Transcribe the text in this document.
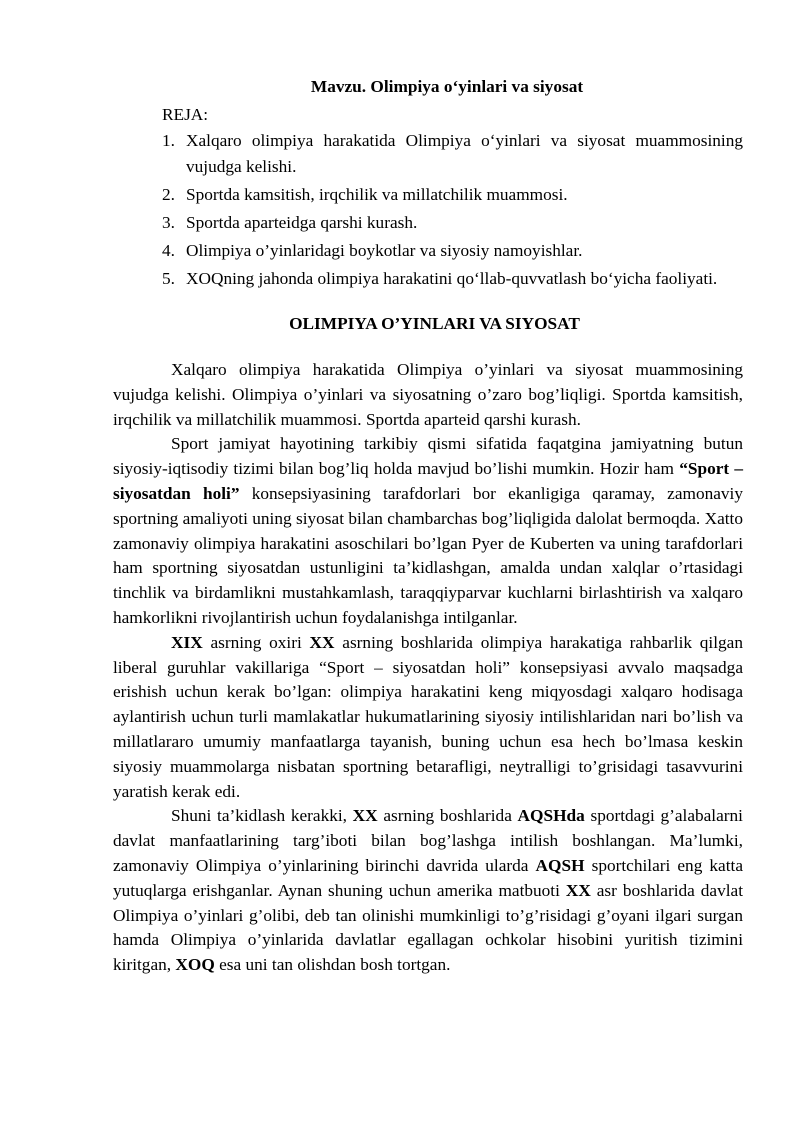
Mavzu. Olimpiya o‘yinlari va siyosat
REJA:
1. Xalqaro olimpiya harakatida Olimpiya o‘yinlari va siyosat muammosining vujudga kelishi.
2. Sportda kamsitish, irqchilik va millatchilik muammosi.
3. Sportda aparteidga qarshi kurash.
4. Olimpiya o’yinlaridagi boykotlar va siyosiy namoyishlar.
5. XOQning jahonda olimpiya harakatini qo‘llab-quvvatlash bo‘yicha faoliyati.
OLIMPIYA O’YINLARI VA SIYOSAT

Xalqaro olimpiya harakatida Olimpiya o’yinlari va siyosat muammosining vujudga kelishi. Olimpiya o’yinlari va siyosatning o’zaro bog’liqligi. Sportda kamsitish, irqchilik va millatchilik muammosi. Sportda aparteid qarshi kurash.

Sport jamiyat hayotining tarkibiy qismi sifatida faqatgina jamiyatning butun siyosiy-iqtisodiy tizimi bilan bog’liq holda mavjud bo’lishi mumkin. Hozir ham “Sport – siyosatdan holi” konsepsiyasining tarafdorlari bor ekanligiga qaramay, zamonaviy sportning amaliyoti uning siyosat bilan chambarchas bog’liqligida dalolat bermoqda. Xatto zamonaviy olimpiya harakatini asoschilari bo’lgan Pyer de Kuberten va uning tarafdorlari ham sportning siyosatdan ustunligini ta’kidlashgan, amalda undan xalqlar o’rtasidagi tinchlik va birdamlikni mustahkamlash, taraqqiyparvar kuchlarni birlashtirish va xalqaro hamkorlikni rivojlantirish uchun foydalanishga intilganlar.

XIX asrning oxiri XX asrning boshlarida olimpiya harakatiga rahbarlik qilgan liberal guruhlar vakillariga “Sport – siyosatdan holi” konsepsiyasi avvalo maqsadga erishish uchun kerak bo’lgan: olimpiya harakatini keng miqyosdagi xalqaro hodisaga aylantirish uchun turli mamlakatlar hukumatlarining siyosiy intilishlaridan nari bo’lish va millatlararo umumiy manfaatlarga tayanish, buning uchun esa hech bo’lmasa keskin siyosiy muammolarga nisbatan sportning betarafligi, neytralligi to’grisidagi tasavvurini yaratish kerak edi.

Shuni ta’kidlash kerakki, XX asrning boshlarida AQSHda sportdagi g’alabalarni davlat manfaatlarining targ’iboti bilan bog’lashga intilish boshlangan. Ma’lumki, zamonaviy Olimpiya o’yinlarining birinchi davrida ularda AQSH sportchilari eng katta yutuqlarga erishganlar. Aynan shuning uchun amerika matbuoti XX asr boshlarida davlat Olimpiya o’yinlari g’olibi, deb tan olinishi mumkinligi to’g’risidagi g’oyani ilgari surgan hamda Olimpiya o’yinlarida davlatlar egallagan ochkolar hisobini yuritish tizimini kiritgan, XOQ esa uni tan olishdan bosh tortgan.
